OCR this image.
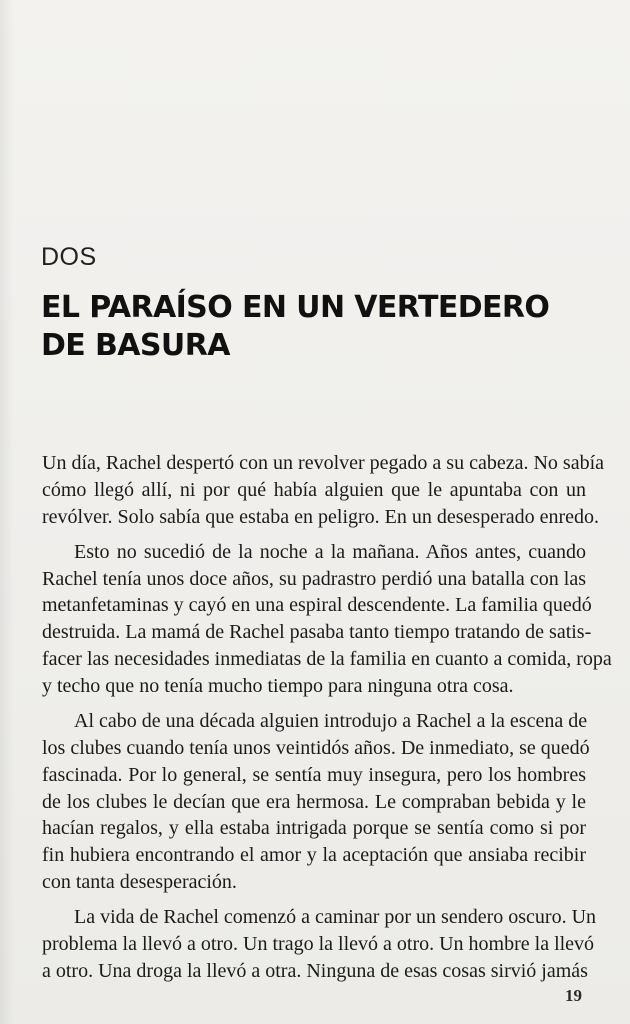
DOS
EL PARAÍSO EN UN VERTEDERO
DE BASURA

Un día, Rachel despertó con un revolver pegado a su cabeza. No sabía
cómo llegó allí, ni por qué había alguien que le apuntaba con un
revólver. Solo sabía que estaba en peligro. En un desesperado enredo.

Esto no sucedió de la noche a la mañana. Años antes, cuando
Rachel tenía unos doce años, su padrastro perdió una batalla con las
metanfetaminas y cayó en una espiral descendente. La familia quedó
destruida. La mamá de Rachel pasaba tanto tiempo tratando de satis-
facer las necesidades inmediatas de la familia en cuanto a comida, ropa
y techo que no tenía mucho tiempo para ninguna otra cosa.

Al cabo de una década alguien introdujo a Rachel a la escena de
los clubes cuando tenía unos veintidós años. De inmediato, se quedó
fascinada. Por lo general, se sentía muy insegura, pero los hombres
de los clubes le decían que era hermosa. Le compraban bebida y le
hacían regalos, y ella estaba intrigada porque se sentía como si por
fin hubiera encontrando el amor y la aceptación que ansiaba recibir
con tanta desesperación.

La vida de Rachel comenzó a caminar por un sendero oscuro. Un
problema la llevó a otro. Un trago la llevó a otro. Un hombre la llevó
a otro. Una droga la llevó a otra. Ninguna de esas cosas sirvió jamás

19
